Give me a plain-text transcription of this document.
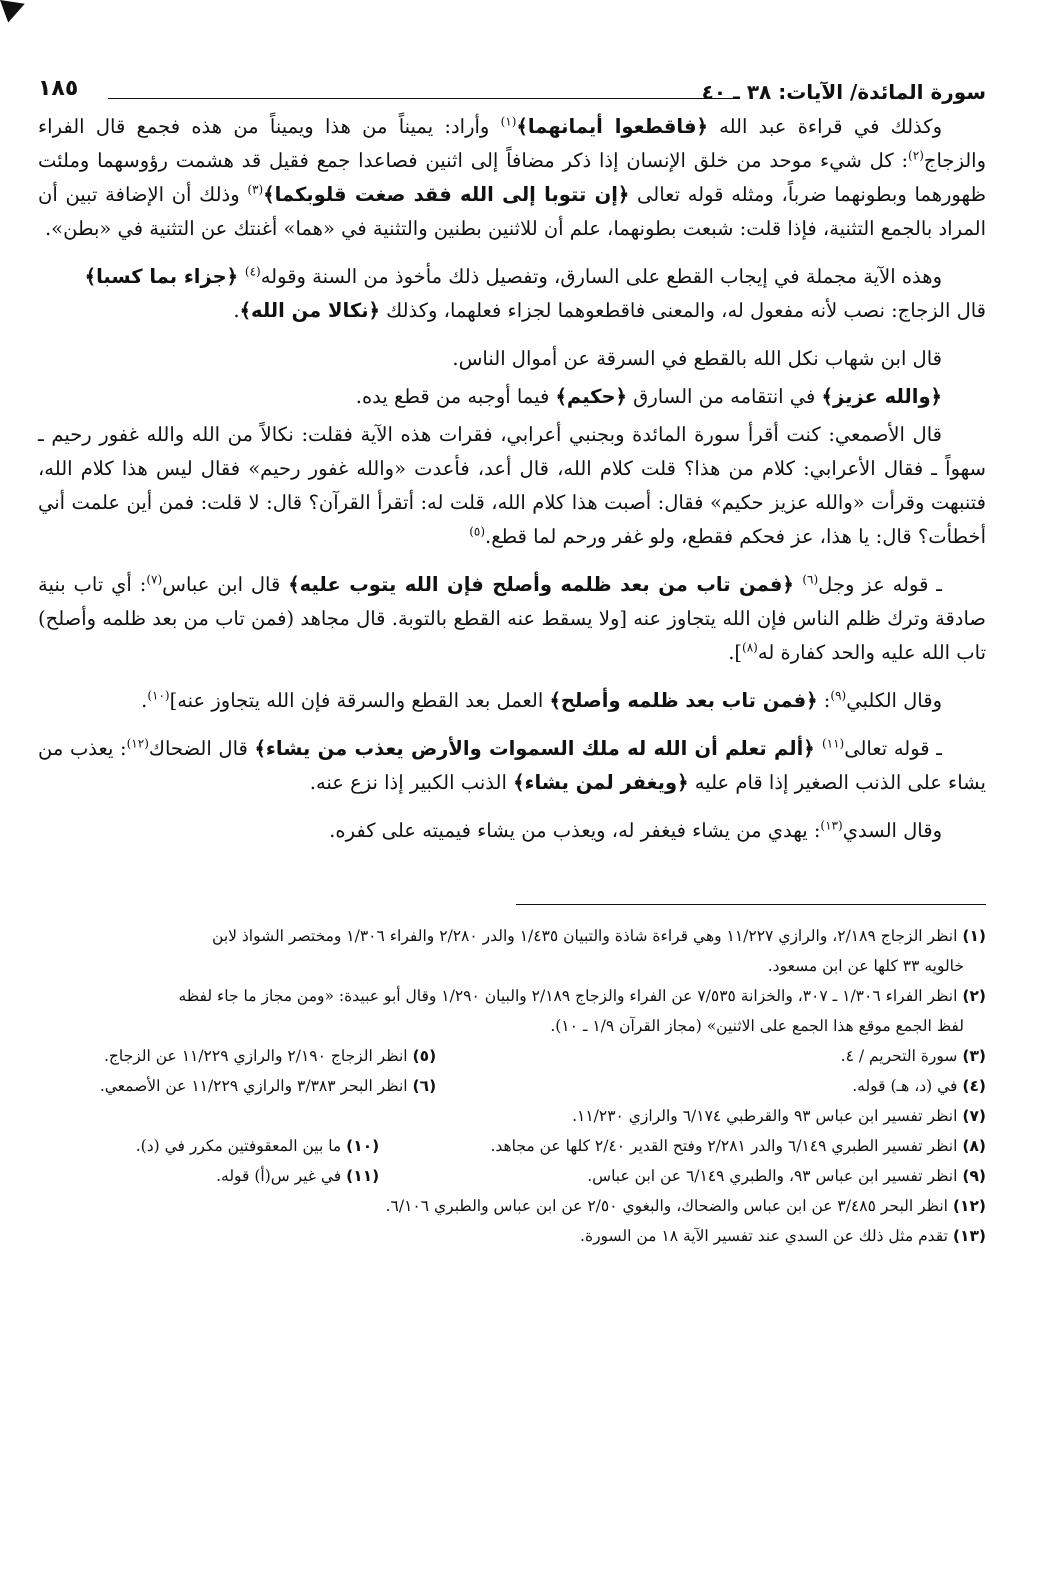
سورة المائدة/ الآيات: ٣٨ ـ ٤٠
١٨٥

وكذلك في قراءة عبد الله ﴿فاقطعوا أيمانهما﴾$^{(١)}$ وأراد: يميناً من هذا ويميناً من هذه فجمع قال الفراء والزجاج$^{(٢)}$: كل شيء موحد من خلق الإنسان إذا ذكر مضافاً إلى اثنين فصاعدا جمع فقيل قد هشمت رؤوسهما وملئت ظهورهما وبطونهما ضرباً، ومثله قوله تعالى ﴿إن تتوبا إلى الله فقد صغت قلوبكما﴾$^{(٣)}$ وذلك أن الإضافة تبين أن المراد بالجمع التثنية، فإذا قلت: شبعت بطونهما، علم أن للاثنين بطنين والتثنية في «هما» أغنتك عن التثنية في «بطن».

وهذه الآية مجملة في إيجاب القطع على السارق، وتفصيل ذلك مأخوذ من السنة وقوله$^{(٤)}$ ﴿جزاء بما كسبا﴾

قال الزجاج: نصب لأنه مفعول له، والمعنى فاقطعوهما لجزاء فعلهما، وكذلك ﴿نكالا من الله﴾.

قال ابن شهاب نكل الله بالقطع في السرقة عن أموال الناس.

﴿والله عزيز﴾ في انتقامه من السارق ﴿حكيم﴾ فيما أوجبه من قطع يده.

قال الأصمعي: كنت أقرأ سورة المائدة وبجنبي أعرابي، فقرات هذه الآية فقلت: نكالاً من الله والله غفور رحيم ـ سهواً ـ فقال الأعرابي: كلام من هذا؟ قلت كلام الله، قال أعد، فأعدت «والله غفور رحيم» فقال ليس هذا كلام الله، فتنبهت وقرأت «والله عزيز حكيم» فقال: أصبت هذا كلام الله، قلت له: أتقرأ القرآن؟ قال: لا قلت: فمن أين علمت أني أخطأت؟ قال: يا هذا، عز فحكم فقطع، ولو غفر ورحم لما قطع.$^{(٥)}$

ـ قوله عز وجل$^{(٦)}$ ﴿فمن تاب من بعد ظلمه وأصلح فإن الله يتوب عليه﴾ قال ابن عباس$^{(٧)}$: أي تاب بنية صادقة وترك ظلم الناس فإن الله يتجاوز عنه [ولا يسقط عنه القطع بالتوبة. قال مجاهد (فمن تاب من بعد ظلمه وأصلح) تاب الله عليه والحد كفارة له$^{(٨)}$].

وقال الكلبي$^{(٩)}$: ﴿فمن تاب بعد ظلمه وأصلح﴾ العمل بعد القطع والسرقة فإن الله يتجاوز عنه]$^{(١٠)}$.

ـ قوله تعالى$^{(١١)}$ ﴿ألم تعلم أن الله له ملك السموات والأرض يعذب من يشاء﴾ قال الضحاك$^{(١٢)}$: يعذب من يشاء على الذنب الصغير إذا قام عليه ﴿ويغفر لمن يشاء﴾ الذنب الكبير إذا نزع عنه.

وقال السدي$^{(١٣)}$: يهدي من يشاء فيغفر له، ويعذب من يشاء فيميته على كفره.

(١) انظر الزجاج ٢/١٨٩، والرازي ١١/٢٢٧ وهي قراءة شاذة والتبيان ١/٤٣٥ والدر ٢/٢٨٠ والفراء ١/٣٠٦ ومختصر الشواذ لابن

خالويه ٣٣ كلها عن ابن مسعود.

(٢) انظر الفراء ١/٣٠٦ ـ ٣٠٧، والخزانة ٧/٥٣٥ عن الفراء والزجاج ٢/١٨٩ والبيان ١/٢٩٠ وقال أبو عبيدة: «ومن مجاز ما جاء لفظه

لفظ الجمع موقع هذا الجمع على الاثنين» (مجاز القرآن ١/٩ ـ ١٠).

(٣) سورة التحريم / ٤.

(٥) انظر الزجاج ٢/١٩٠ والرازي ١١/٢٢٩ عن الزجاج.

(٤) في (د، هـ) قوله.

(٦) انظر البحر ٣/٣٨٣ والرازي ١١/٢٢٩ عن الأصمعي.

(٧) انظر تفسير ابن عباس ٩٣ والقرطبي ٦/١٧٤ والرازي ١١/٢٣٠.

(٨) انظر تفسير الطبري ٦/١٤٩ والدر ٢/٢٨١ وفتح القدير ٢/٤٠ كلها عن مجاهد.

(١٠) ما بين المعقوفتين مكرر في (د).

(٩) انظر تفسير ابن عباس ٩٣، والطبري ٦/١٤٩ عن ابن عباس.

(١١) في غير س(أ) قوله.

(١٢) انظر البحر ٣/٤٨٥ عن ابن عباس والضحاك، والبغوي ٢/٥٠ عن ابن عباس والطبري ٦/١٠٦.

(١٣) تقدم مثل ذلك عن السدي عند تفسير الآية ١٨ من السورة.
